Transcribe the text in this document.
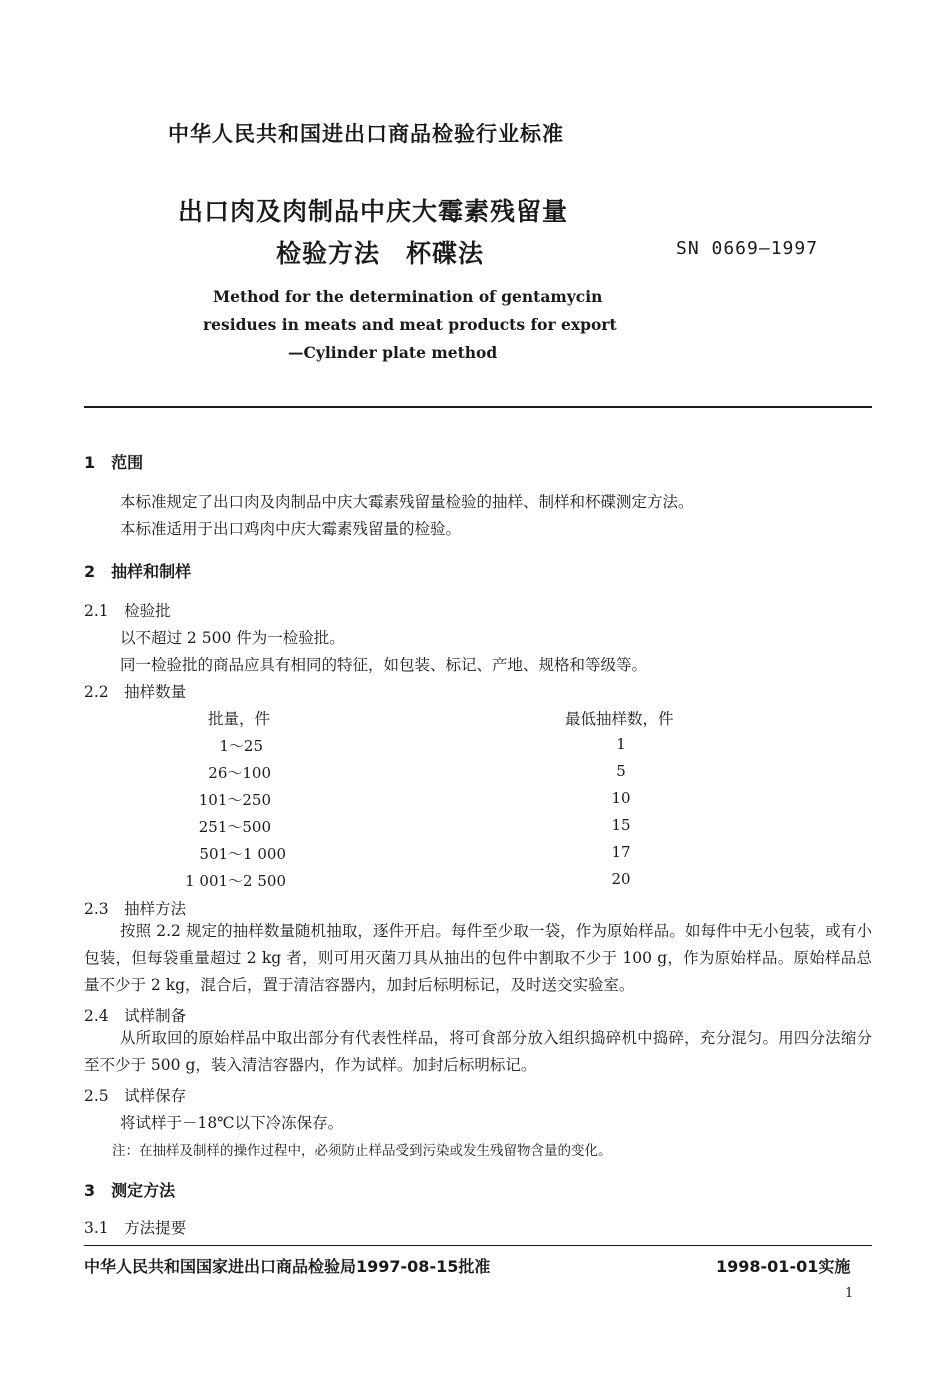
中华人民共和国进出口商品检验行业标准
出口肉及肉制品中庆大霉素残留量
检验方法　杯碟法	SN 0669—1997
Method for the determination of gentamycin
residues in meats and meat products for export
—Cylinder plate method
1　范围
本标准规定了出口肉及肉制品中庆大霉素残留量检验的抽样、制样和杯碟测定方法。
本标准适用于出口鸡肉中庆大霉素残留量的检验。
2　抽样和制样
2.1　检验批
以不超过 2 500 件为一检验批。
同一检验批的商品应具有相同的特征，如包装、标记、产地、规格和等级等。
2.2　抽样数量
批量，件	最低抽样数，件
1～25	1
26～100	5
101～250	10
251～500	15
501～1 000	17
1 001～2 500	20
2.3　抽样方法
按照 2.2 规定的抽样数量随机抽取，逐件开启。每件至少取一袋，作为原始样品。如每件中无小包装，或有小包装，但每袋重量超过 2 kg 者，则可用灭菌刀具从抽出的包件中割取不少于 100 g，作为原始样品。原始样品总量不少于 2 kg，混合后，置于清洁容器内，加封后标明标记，及时送交实验室。
2.4　试样制备
从所取回的原始样品中取出部分有代表性样品，将可食部分放入组织捣碎机中捣碎，充分混匀。用四分法缩分至不少于 500 g，装入清洁容器内，作为试样。加封后标明标记。
2.5　试样保存
将试样于－18℃以下冷冻保存。
注：在抽样及制样的操作过程中，必须防止样品受到污染或发生残留物含量的变化。
3　测定方法
3.1　方法提要
中华人民共和国国家进出口商品检验局1997-08-15批准	1998-01-01实施
1
